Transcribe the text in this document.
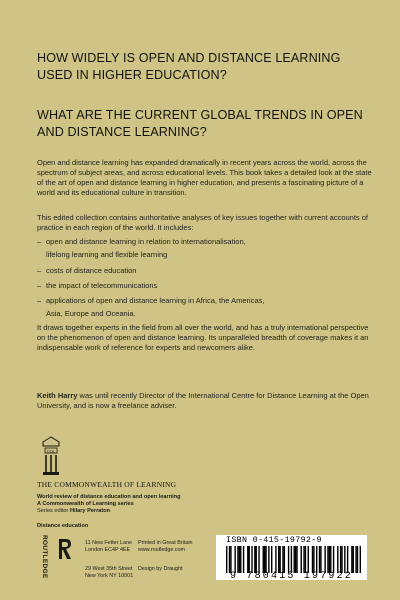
HOW WIDELY IS OPEN AND DISTANCE LEARNING USED IN HIGHER EDUCATION?
WHAT ARE THE CURRENT GLOBAL TRENDS IN OPEN AND DISTANCE LEARNING?

Open and distance learning has expanded dramatically in recent years across the world, across the spectrum of subject areas, and across educational levels. This book takes a detailed look at the state of the art of open and distance learning in higher education, and presents a fascinating picture of a world and its educational culture in transition.

This edited collection contains authoritative analyses of key issues together with current accounts of practice in each region of the world. It includes:

– open and distance learning in relation to internationalisation,
lifelong learning and flexible learning
– costs of distance education
– the impact of telecommunications
– applications of open and distance learning in Africa, the Americas,
Asia, Europe and Oceania.

It draws together experts in the field from all over the world, and has a truly international perspective on the phenomenon of open and distance learning. Its unparalleled breadth of coverage makes it an indispensable work of reference for experts and newcomers alike.

Keith Harry was until recently Director of the International Centre for Distance Learning at the Open University, and is now a freelance adviser.

COL
THE COMMONWEALTH OF LEARNING
World review of distance education and open learning
A Commonwealth of Learning series
Series editor Hilary Perraton
Distance education
ROUTLEDGE	11 New Fetter Lane
London EC4P 4EE
29 West 35th Street
New York NY 10001
Printed in Great Britain
www.routledge.com
Design by Draught
ISBN 0-415-19792-9
9 780415 197922
